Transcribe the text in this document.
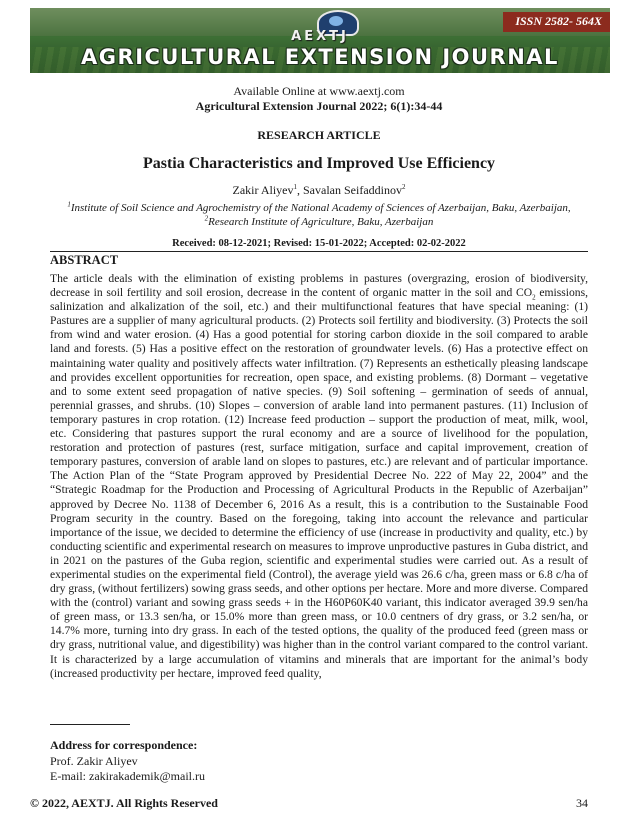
AEXTJ
AGRICULTURAL EXTENSION JOURNAL
ISSN 2582- 564X
Available Online at www.aextj.com
Agricultural Extension Journal 2022; 6(1):34-44
RESEARCH ARTICLE
Pastia Characteristics and Improved Use Efficiency
Zakir Aliyev$^1$, Savalan Seifaddinov$^2$
$^1$Institute of Soil Science and Agrochemistry of the National Academy of Sciences of Azerbaijan, Baku, Azerbaijan,
$^2$Research Institute of Agriculture, Baku, Azerbaijan
Received: 08-12-2021; Revised: 15-01-2022; Accepted: 02-02-2022
ABSTRACT
The article deals with the elimination of existing problems in pastures (overgrazing, erosion of biodiversity, decrease in soil fertility and soil erosion, decrease in the content of organic matter in the soil and $CO_2$ emissions, salinization and alkalization of the soil, etc.) and their multifunctional features that have special meaning: (1) Pastures are a supplier of many agricultural products. (2) Protects soil fertility and biodiversity. (3) Protects the soil from wind and water erosion. (4) Has a good potential for storing carbon dioxide in the soil compared to arable land and forests. (5) Has a positive effect on the restoration of groundwater levels. (6) Has a protective effect on maintaining water quality and positively affects water infiltration. (7) Represents an esthetically pleasing landscape and provides excellent opportunities for recreation, open space, and existing problems. (8) Dormant – vegetative and to some extent seed propagation of native species. (9) Soil softening – germination of seeds of annual, perennial grasses, and shrubs. (10) Slopes – conversion of arable land into permanent pastures. (11) Inclusion of temporary pastures in crop rotation. (12) Increase feed production – support the production of meat, milk, wool, etc. Considering that pastures support the rural economy and are a source of livelihood for the population, restoration and protection of pastures (rest, surface mitigation, surface and capital improvement, creation of temporary pastures, conversion of arable land on slopes to pastures, etc.) are relevant and of particular importance. The Action Plan of the “State Program approved by Presidential Decree No. 222 of May 22, 2004” and the “Strategic Roadmap for the Production and Processing of Agricultural Products in the Republic of Azerbaijan” approved by Decree No. 1138 of December 6, 2016 As a result, this is a contribution to the Sustainable Food Program security in the country. Based on the foregoing, taking into account the relevance and particular importance of the issue, we decided to determine the efficiency of use (increase in productivity and quality, etc.) by conducting scientific and experimental research on measures to improve unproductive pastures in Guba district, and in 2021 on the pastures of the Guba region, scientific and experimental studies were carried out. As a result of experimental studies on the experimental field (Control), the average yield was 26.6 c/ha, green mass or 6.8 c/ha of dry grass, (without fertilizers) sowing grass seeds, and other options per hectare. More and more diverse. Compared with the (control) variant and sowing grass seeds + in the H60P60K40 variant, this indicator averaged 39.9 sen/ha of green mass, or 13.3 sen/ha, or 15.0% more than green mass, or 10.0 centners of dry grass, or 3.2 sen/ha, or 14.7% more, turning into dry grass. In each of the tested options, the quality of the produced feed (green mass or dry grass, nutritional value, and digestibility) was higher than in the control variant compared to the control variant. It is characterized by a large accumulation of vitamins and minerals that are important for the animal’s body (increased productivity per hectare, improved feed quality,
Address for correspondence:
Prof. Zakir Aliyev
E-mail: zakirakademik@mail.ru
© 2022, AEXTJ. All Rights Reserved	34
